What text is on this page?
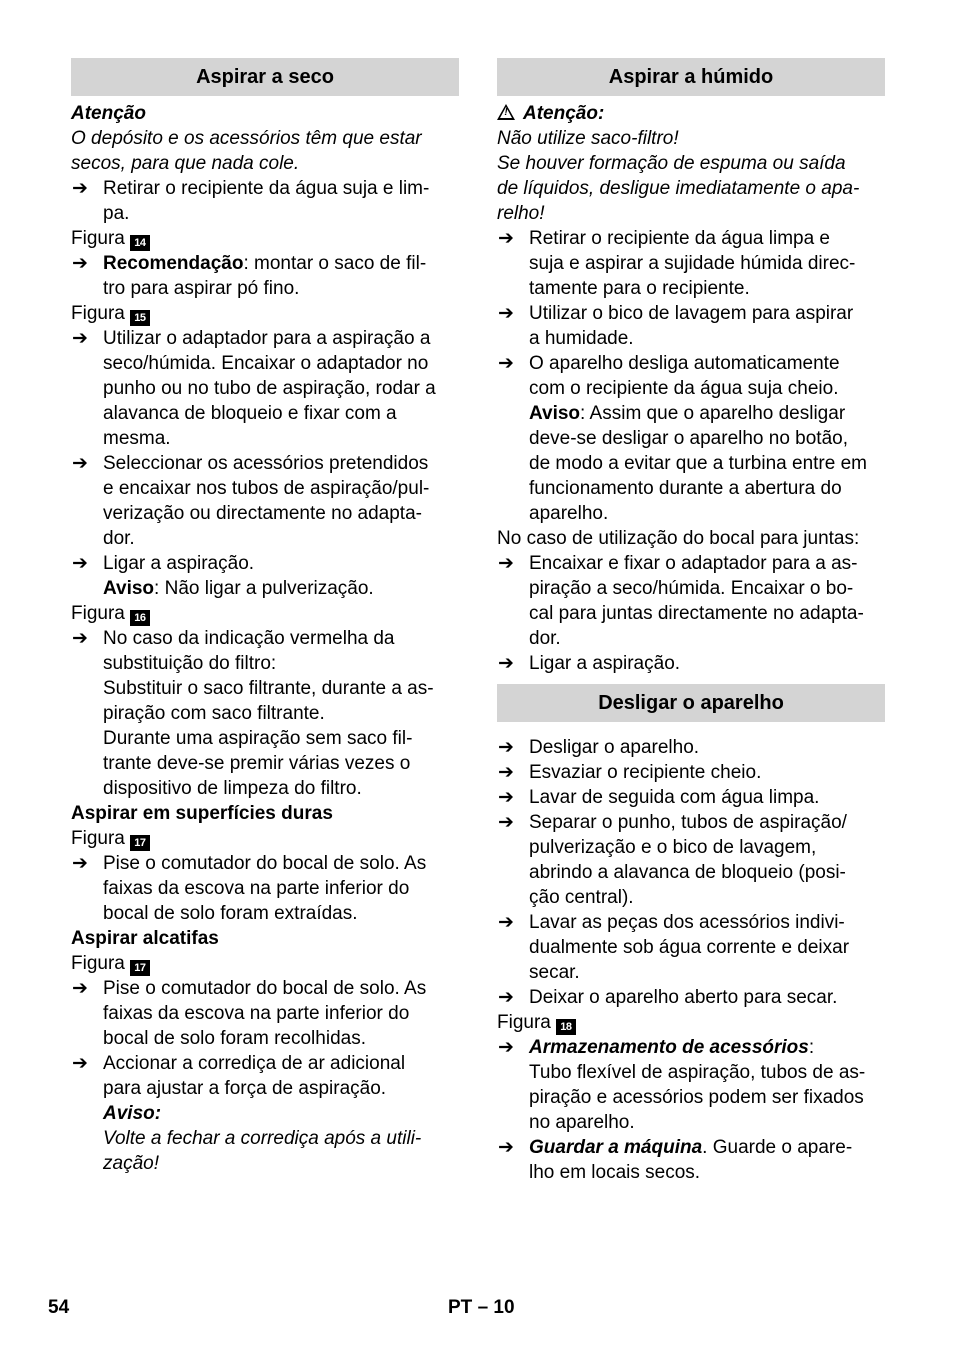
Aspirar a seco
Atenção
O depósito e os acessórios têm que estar
secos, para que nada cole.
➔ Retirar o recipiente da água suja e lim-
pa.
Figura 14
➔ Recomendação: montar o saco de fil-
tro para aspirar pó fino.
Figura 15
➔ Utilizar o adaptador para a aspiração a
seco/húmida. Encaixar o adaptador no
punho ou no tubo de aspiração, rodar a
alavanca de bloqueio e fixar com a
mesma.
➔ Seleccionar os acessórios pretendidos
e encaixar nos tubos de aspiração/pul-
verização ou directamente no adapta-
dor.
➔ Ligar a aspiração.
Aviso: Não ligar a pulverização.
Figura 16
➔ No caso da indicação vermelha da
substituição do filtro:
Substituir o saco filtrante, durante a as-
piração com saco filtrante.
Durante uma aspiração sem saco fil-
trante deve-se premir várias vezes o
dispositivo de limpeza do filtro.
Aspirar em superfícies duras
Figura 17
➔ Pise o comutador do bocal de solo. As
faixas da escova na parte inferior do
bocal de solo foram extraídas.
Aspirar alcatifas
Figura 17
➔ Pise o comutador do bocal de solo. As
faixas da escova na parte inferior do
bocal de solo foram recolhidas.
➔ Accionar a corrediça de ar adicional
para ajustar a força de aspiração.
Aviso:
Volte a fechar a corrediça após a utili-
zação!
Aspirar a húmido
!Atenção:
Não utilize saco-filtro!
Se houver formação de espuma ou saída
de líquidos, desligue imediatamente o apa-
relho!
➔ Retirar o recipiente da água limpa e
suja e aspirar a sujidade húmida direc-
tamente para o recipiente.
➔ Utilizar o bico de lavagem para aspirar
a humidade.
➔ O aparelho desliga automaticamente
com o recipiente da água suja cheio.
Aviso: Assim que o aparelho desligar
deve-se desligar o aparelho no botão,
de modo a evitar que a turbina entre em
funcionamento durante a abertura do
aparelho.
No caso de utilização do bocal para juntas:
➔ Encaixar e fixar o adaptador para a as-
piração a seco/húmida. Encaixar o bo-
cal para juntas directamente no adapta-
dor.
➔ Ligar a aspiração.
Desligar o aparelho
➔ Desligar o aparelho.
➔ Esvaziar o recipiente cheio.
➔ Lavar de seguida com água limpa.
➔ Separar o punho, tubos de aspiração/
pulverização e o bico de lavagem,
abrindo a alavanca de bloqueio (posi-
ção central).
➔ Lavar as peças dos acessórios indivi-
dualmente sob água corrente e deixar
secar.
➔ Deixar o aparelho aberto para secar.
Figura 18
➔ Armazenamento de acessórios:
Tubo flexível de aspiração, tubos de as-
piração e acessórios podem ser fixados
no aparelho.
➔ Guardar a máquina. Guarde o apare-
lho em locais secos.
54	PT – 10
